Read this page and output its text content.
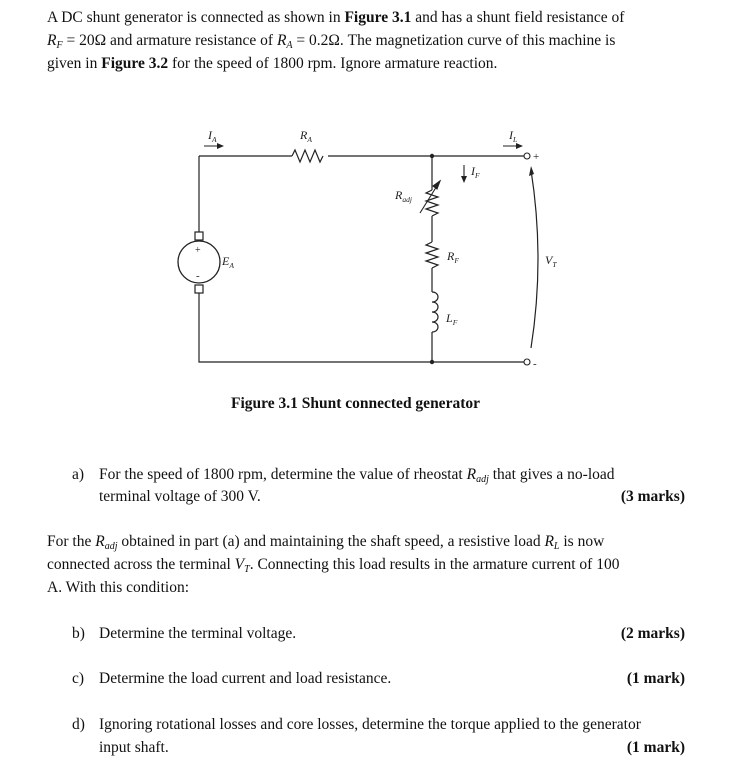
A DC shunt generator is connected as shown in Figure 3.1 and has a shunt field resistance of
$R_F = 20\Omega$ and armature resistance of $R_A = 0.2\Omega$. The magnetization curve of this machine is
given in Figure 3.2 for the speed of 1800 rpm. Ignore armature reaction.
+
-
+
-
$I_A$	$R_A$	$I_L$
$I_F$
$R_{adj}$
$E_A$
$R_F$
$L_F$
$V_T$
Figure 3.1 Shunt connected generator
a) For the speed of 1800 rpm, determine the value of rheostat $R_{adj}$ that gives a no-load
terminal voltage of 300 V.	(3 marks)
For the $R_{adj}$ obtained in part (a) and maintaining the shaft speed, a resistive load $R_L$ is now
connected across the terminal $V_T$. Connecting this load results in the armature current of 100
A. With this condition:
b) Determine the terminal voltage.	(2 marks)
c) Determine the load current and load resistance.	(1 mark)
d) Ignoring rotational losses and core losses, determine the torque applied to the generator
input shaft.	(1 mark)
